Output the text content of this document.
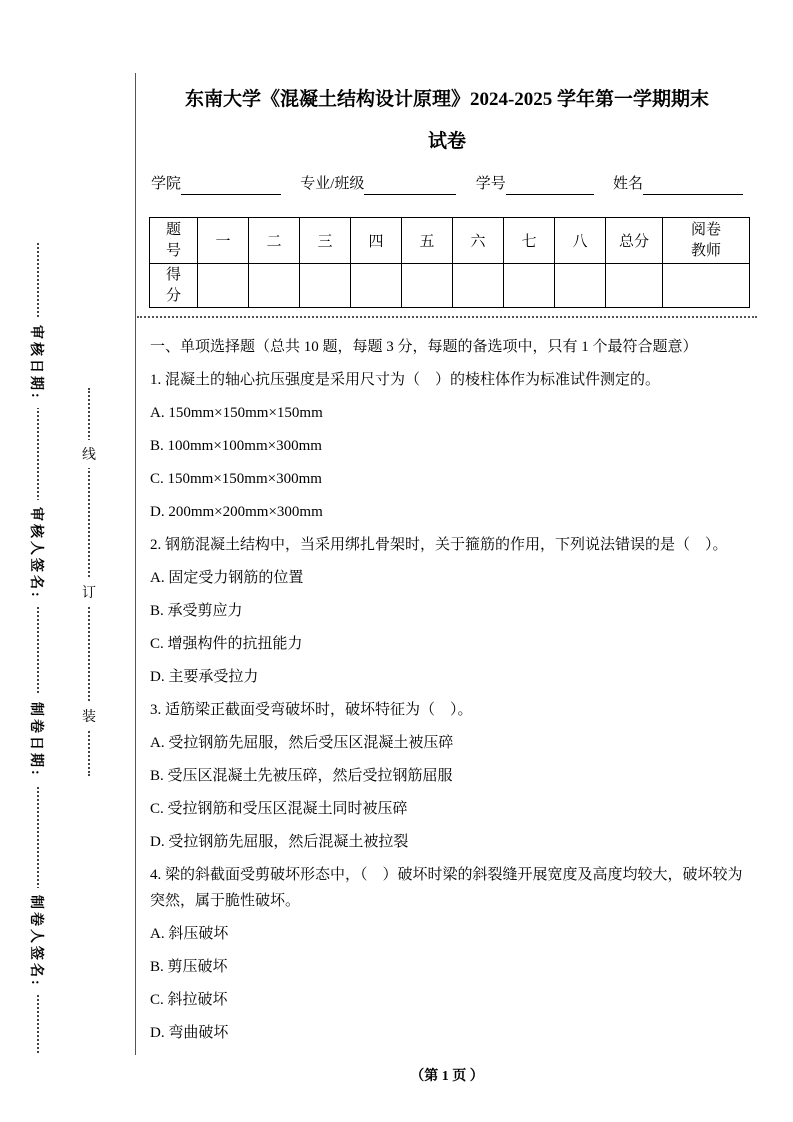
审核日期:
审核人签名:
制卷日期:
制卷人签名:
线
订
装
东南大学《混凝土结构设计原理》2024-2025 学年第一学期期末
试卷
学院	专业/班级	学号	姓名
题号	一	二	三	四	五	六	七	八	总分	阅卷教师
得分										
一、单项选择题（总共 10 题，每题 3 分，每题的备选项中，只有 1 个最符合题意）
1. 混凝土的轴心抗压强度是采用尺寸为（　）的棱柱体作为标准试件测定的。
A. 150mm×150mm×150mm
B. 100mm×100mm×300mm
C. 150mm×150mm×300mm
D. 200mm×200mm×300mm
2. 钢筋混凝土结构中，当采用绑扎骨架时，关于箍筋的作用，下列说法错误的是（　）。
A. 固定受力钢筋的位置
B. 承受剪应力
C. 增强构件的抗扭能力
D. 主要承受拉力
3. 适筋梁正截面受弯破坏时，破坏特征为（　）。
A. 受拉钢筋先屈服，然后受压区混凝土被压碎
B. 受压区混凝土先被压碎，然后受拉钢筋屈服
C. 受拉钢筋和受压区混凝土同时被压碎
D. 受拉钢筋先屈服，然后混凝土被拉裂
4. 梁的斜截面受剪破坏形态中，（　）破坏时梁的斜裂缝开展宽度及高度均较大，破坏较为突然，属于脆性破坏。
A. 斜压破坏
B. 剪压破坏
C. 斜拉破坏
D. 弯曲破坏
（第 1 页 ）
